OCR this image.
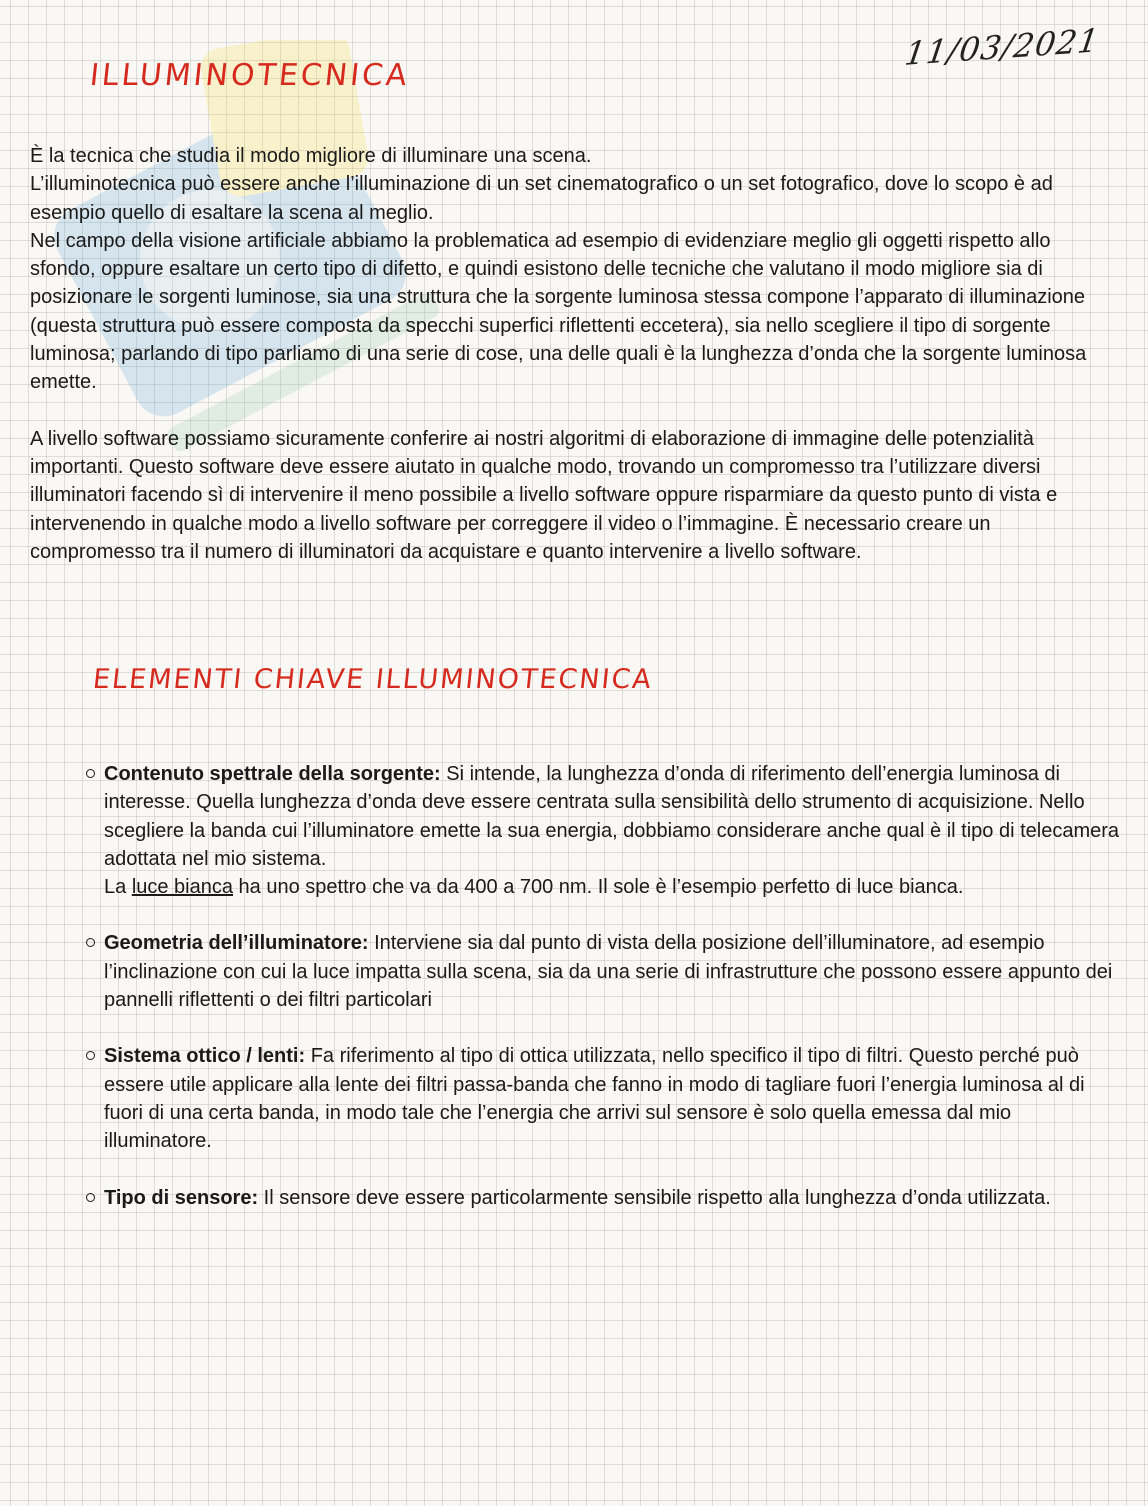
ILLUMINOTECNICA
11/03/2021

È la tecnica che studia il modo migliore di illuminare una scena.

L’illuminotecnica può essere anche l’illuminazione di un set cinematografico o un set fotografico, dove lo scopo è ad esempio quello di esaltare la scena al meglio.

Nel campo della visione artificiale abbiamo la problematica ad esempio di evidenziare meglio gli oggetti rispetto allo sfondo, oppure esaltare un certo tipo di difetto, e quindi esistono delle tecniche che valutano il modo migliore sia di posizionare le sorgenti luminose, sia una struttura che la sorgente luminosa stessa compone l’apparato di illuminazione (questa struttura può essere composta da specchi superfici riflettenti eccetera), sia nello scegliere il tipo di sorgente luminosa; parlando di tipo parliamo di una serie di cose, una delle quali è la lunghezza d’onda che la sorgente luminosa emette.

A livello software possiamo sicuramente conferire ai nostri algoritmi di elaborazione di immagine delle potenzialità importanti. Questo software deve essere aiutato in qualche modo, trovando un compromesso tra l’utilizzare diversi illuminatori facendo sì di intervenire il meno possibile a livello software oppure risparmiare da questo punto di vista e intervenendo in qualche modo a livello software per correggere il video o l’immagine. È necessario creare un compromesso tra il numero di illuminatori da acquistare e quanto intervenire a livello software.

ELEMENTI CHIAVE ILLUMINOTECNICA
Contenuto spettrale della sorgente: Si intende, la lunghezza d’onda di riferimento dell’energia luminosa di interesse. Quella lunghezza d’onda deve essere centrata sulla sensibilità dello strumento di acquisizione. Nello scegliere la banda cui l’illuminatore emette la sua energia, dobbiamo considerare anche qual è il tipo di telecamera adottata nel mio sistema.
La luce bianca ha uno spettro che va da 400 a 700 nm. Il sole è l’esempio perfetto di luce bianca.
Geometria dell’illuminatore: Interviene sia dal punto di vista della posizione dell’illuminatore, ad esempio l’inclinazione con cui la luce impatta sulla scena, sia da una serie di infrastrutture che possono essere appunto dei pannelli riflettenti o dei filtri particolari
Sistema ottico / lenti: Fa riferimento al tipo di ottica utilizzata, nello specifico il tipo di filtri. Questo perché può essere utile applicare alla lente dei filtri passa-banda che fanno in modo di tagliare fuori l’energia luminosa al di fuori di una certa banda, in modo tale che l’energia che arrivi sul sensore è solo quella emessa dal mio illuminatore.
Tipo di sensore: Il sensore deve essere particolarmente sensibile rispetto alla lunghezza d’onda utilizzata.
